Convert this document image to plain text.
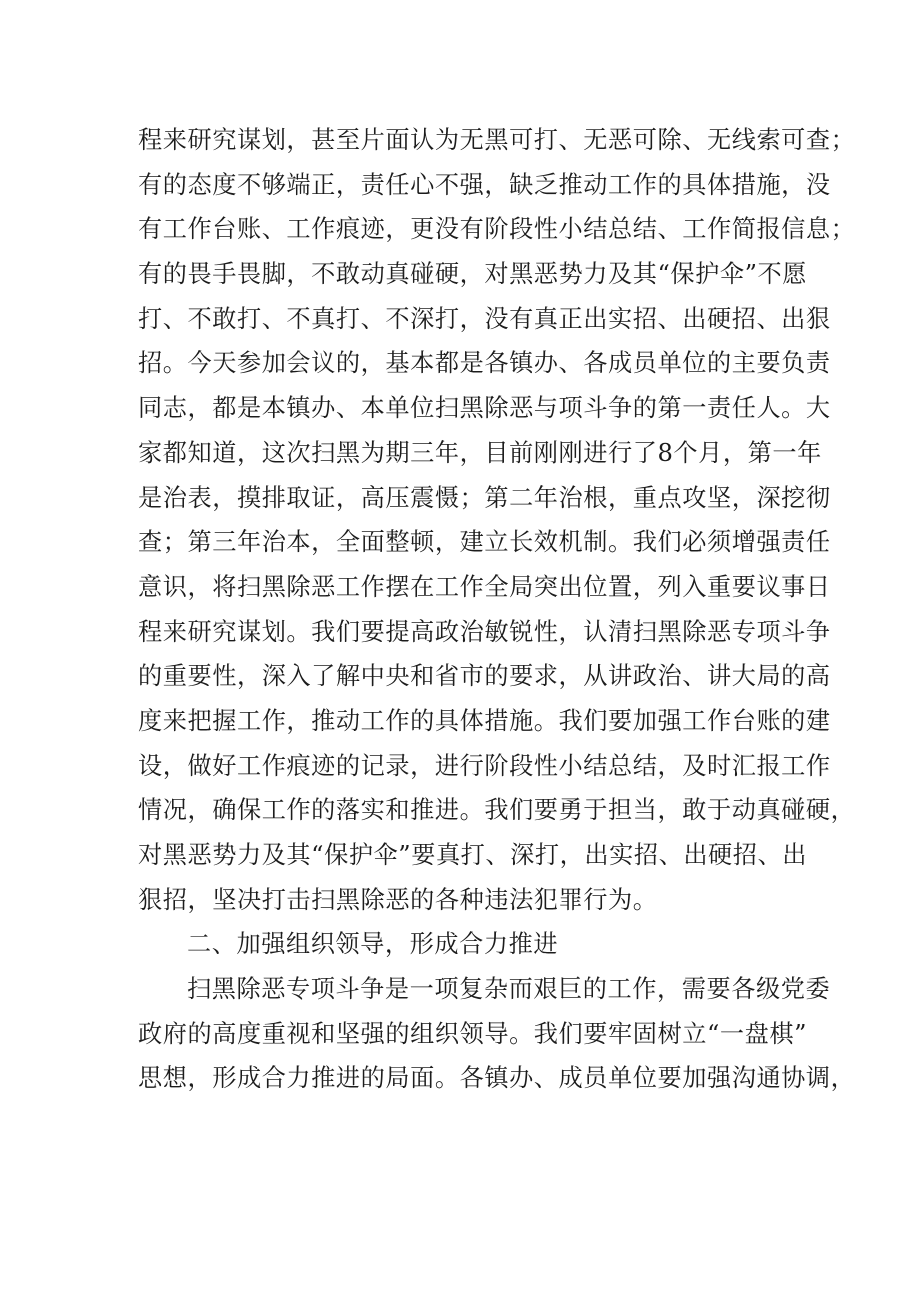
程来研究谋划，甚至片面认为无黑可打、无恶可除、无线索可查；
有的态度不够端正，责任心不强，缺乏推动工作的具体措施，没
有工作台账、工作痕迹，更没有阶段性小结总结、工作简报信息；
有的畏手畏脚，不敢动真碰硬，对黑恶势力及其“保护伞”不愿
打、不敢打、不真打、不深打，没有真正出实招、出硬招、出狠
招。今天参加会议的，基本都是各镇办、各成员单位的主要负责
同志，都是本镇办、本单位扫黑除恶与项斗争的第一责任人。大
家都知道，这次扫黑为期三年，目前刚刚进行了8个月，第一年
是治表，摸排取证，高压震慑；第二年治根，重点攻坚，深挖彻
查；第三年治本，全面整顿，建立长效机制。我们必须增强责任
意识，将扫黑除恶工作摆在工作全局突出位置，列入重要议事日
程来研究谋划。我们要提高政治敏锐性，认清扫黑除恶专项斗争
的重要性，深入了解中央和省市的要求，从讲政治、讲大局的高
度来把握工作，推动工作的具体措施。我们要加强工作台账的建
设，做好工作痕迹的记录，进行阶段性小结总结，及时汇报工作
情况，确保工作的落实和推进。我们要勇于担当，敢于动真碰硬，
对黑恶势力及其“保护伞”要真打、深打，出实招、出硬招、出
狠招，坚决打击扫黑除恶的各种违法犯罪行为。
二、加强组织领导，形成合力推进
扫黑除恶专项斗争是一项复杂而艰巨的工作，需要各级党委
政府的高度重视和坚强的组织领导。我们要牢固树立“一盘棋”
思想，形成合力推进的局面。各镇办、成员单位要加强沟通协调，
